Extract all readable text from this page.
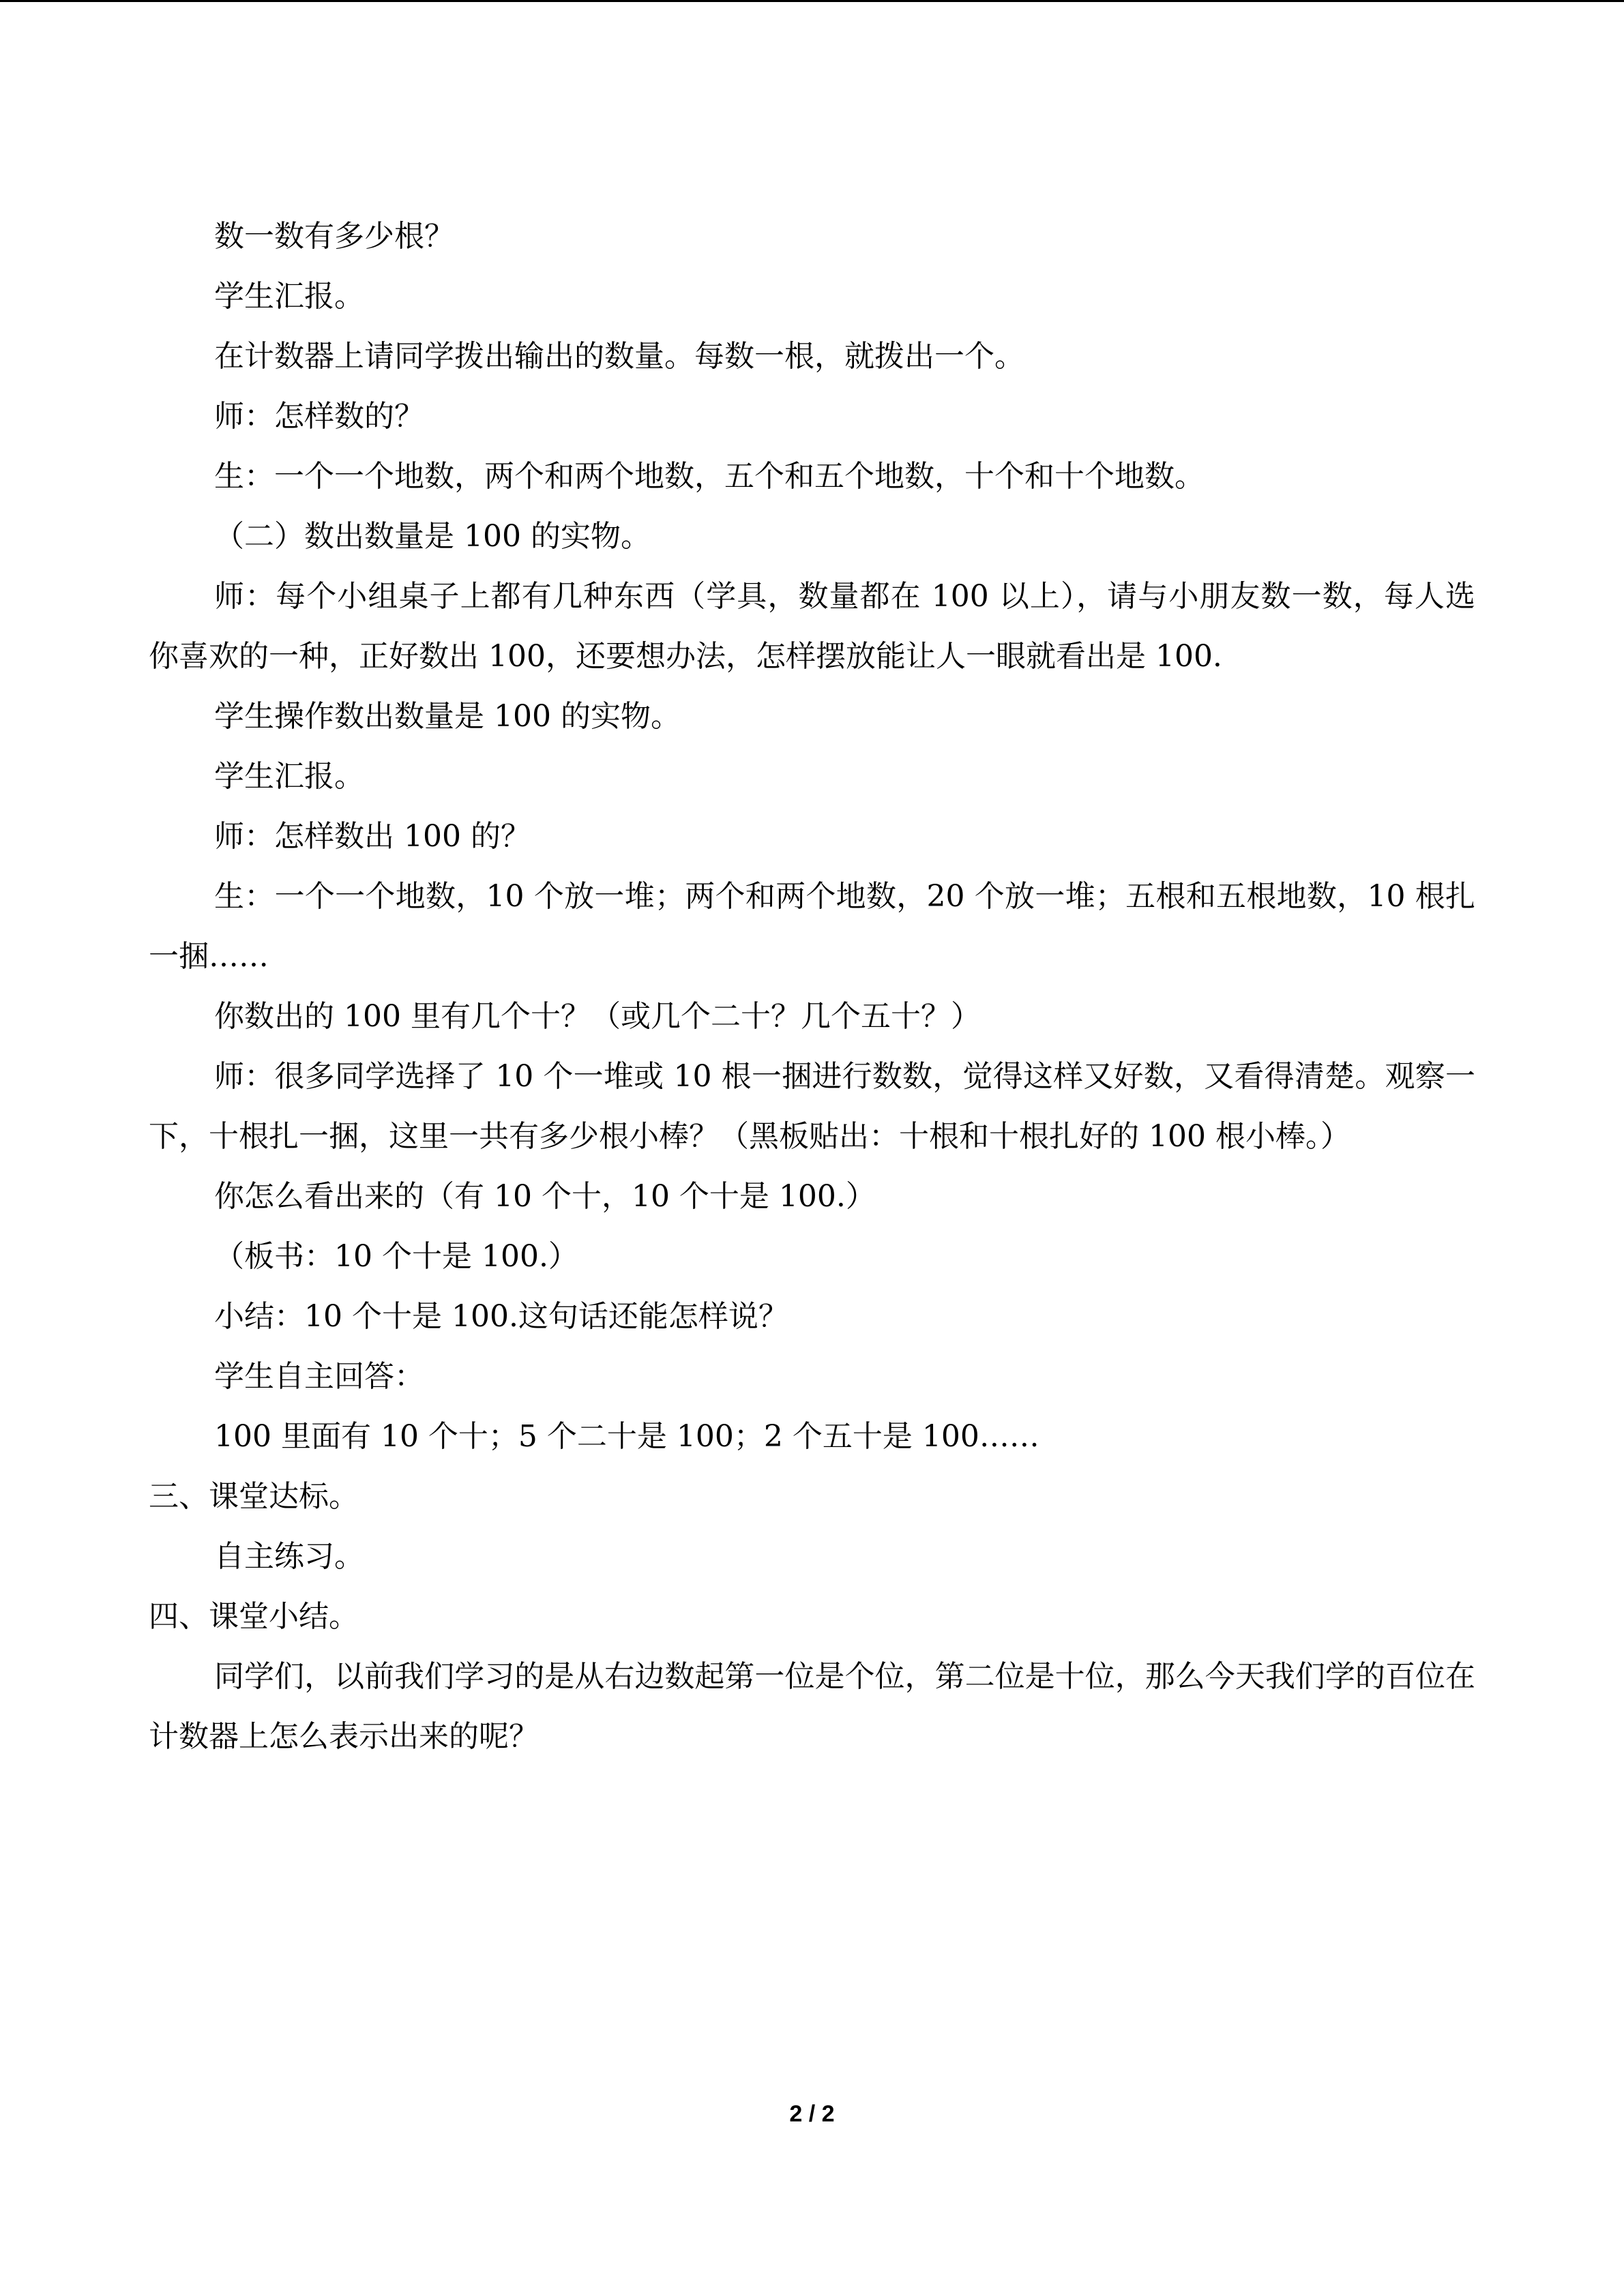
数一数有多少根？

学生汇报。

在计数器上请同学拨出输出的数量。每数一根，就拨出一个。

师：怎样数的？

生：一个一个地数，两个和两个地数，五个和五个地数，十个和十个地数。

（二）数出数量是 100 的实物。

师：每个小组桌子上都有几种东西（学具，数量都在 100 以上），请与小朋友数一数，每人选你喜欢的一种，正好数出 100，还要想办法，怎样摆放能让人一眼就看出是 100.

学生操作数出数量是 100 的实物。

学生汇报。

师：怎样数出 100 的？

生：一个一个地数，10 个放一堆；两个和两个地数，20 个放一堆；五根和五根地数，10 根扎一捆……

你数出的 100 里有几个十？（或几个二十？几个五十？）

师：很多同学选择了 10 个一堆或 10 根一捆进行数数，觉得这样又好数，又看得清楚。观察一下，十根扎一捆，这里一共有多少根小棒？（黑板贴出：十根和十根扎好的 100 根小棒。）

你怎么看出来的（有 10 个十，10 个十是 100.）

（板书：10 个十是 100.）

小结：10 个十是 100.这句话还能怎样说？

学生自主回答：

100 里面有 10 个十；5 个二十是 100；2 个五十是 100……

三、课堂达标。

自主练习。

四、课堂小结。

同学们，以前我们学习的是从右边数起第一位是个位，第二位是十位，那么今天我们学的百位在计数器上怎么表示出来的呢？

2 / 2
